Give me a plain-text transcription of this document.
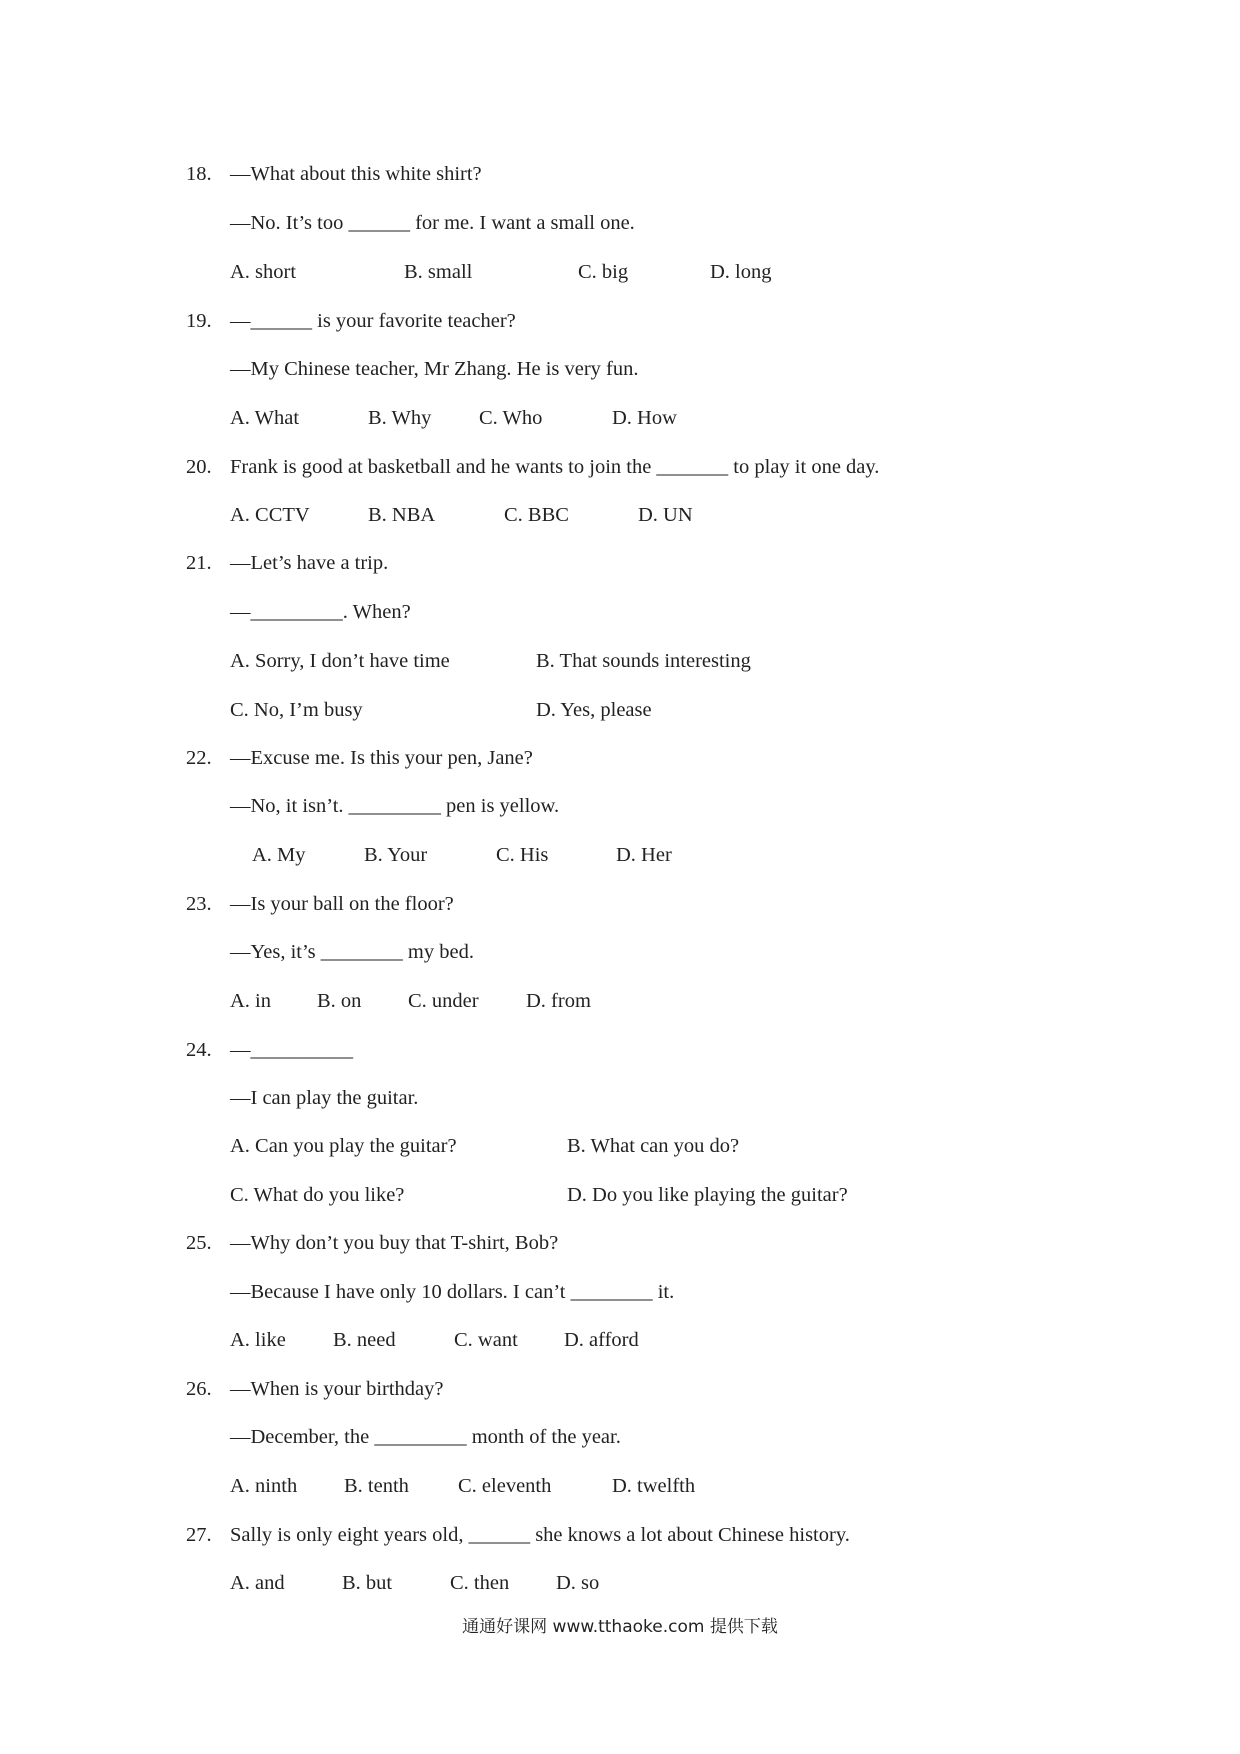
18. —What about this white shirt?
—No. It’s too ______ for me. I want a small one.
A. short	B. small	C. big	D. long
19. —______ is your favorite teacher?
—My Chinese teacher, Mr Zhang. He is very fun.
A. What	B. Why C. Who	D. How
20. Frank is good at basketball and he wants to join the _______ to play it one day.
A. CCTV	B. NBA	C. BBC	D. UN
21. —Let’s have a trip.
—_________. When?
A. Sorry, I don’t have time	B. That sounds interesting
C. No, I’m busy	D. Yes, please
22. —Excuse me. Is this your pen, Jane?
—No, it isn’t. _________ pen is yellow.
A. My	B. Your	C. His	D. Her
23. —Is your ball on the floor?
—Yes, it’s ________ my bed.
A. in B. on C. under D. from
24. —__________
—I can play the guitar.
A. Can you play the guitar?	B. What can you do?
C. What do you like?	D. Do you like playing the guitar?
25. —Why don’t you buy that T-shirt, Bob?
—Because I have only 10 dollars. I can’t ________ it.
A. like B. need	C. want D. afford
26. —When is your birthday?
—December, the _________ month of the year.
A. ninth B. tenth C. eleventh	D. twelfth
27. Sally is only eight years old, ______ she knows a lot about Chinese history.
A. and	B. but	C. then D. so
通通好课网 www.tthaoke.com 提供下载
